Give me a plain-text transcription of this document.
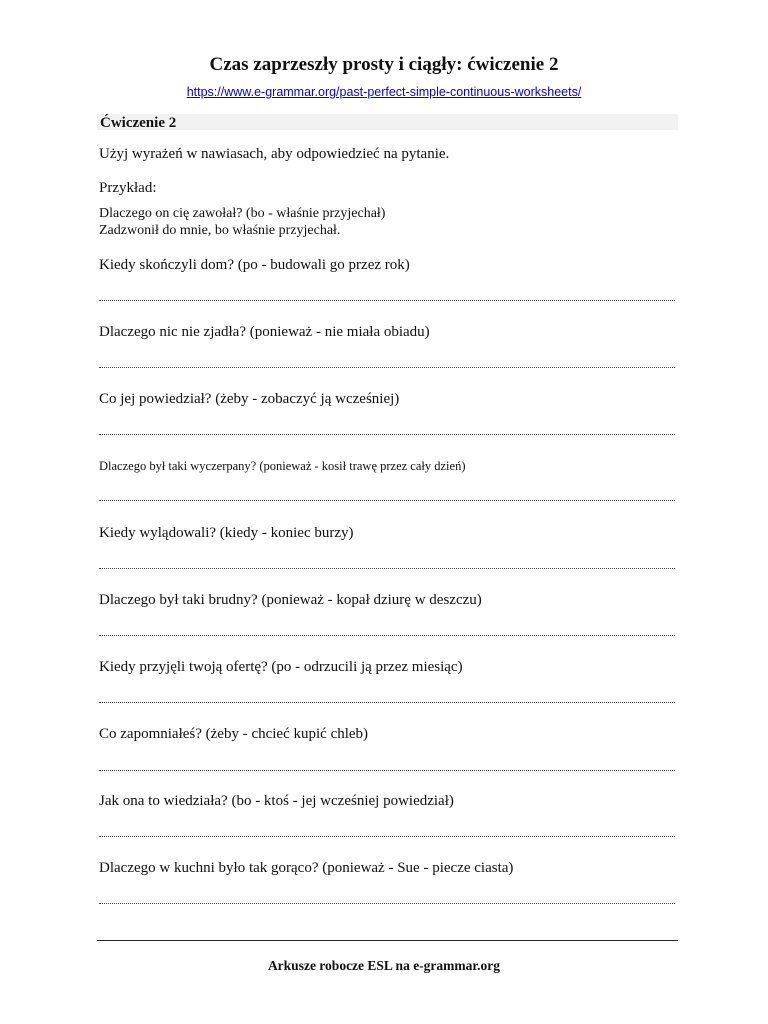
Czas zaprzeszły prosty i ciągły: ćwiczenie 2
https://www.e-grammar.org/past-perfect-simple-continuous-worksheets/
Ćwiczenie 2
Użyj wyrażeń w nawiasach, aby odpowiedzieć na pytanie.
Przykład:
Dlaczego on cię zawołał? (bo - właśnie przyjechał)
Zadzwonił do mnie, bo właśnie przyjechał.
Kiedy skończyli dom? (po - budowali go przez rok)
Dlaczego nic nie zjadła? (ponieważ - nie miała obiadu)
Co jej powiedział? (żeby - zobaczyć ją wcześniej)
Dlaczego był taki wyczerpany? (ponieważ - kosił trawę przez cały dzień)
Kiedy wylądowali? (kiedy - koniec burzy)
Dlaczego był taki brudny? (ponieważ - kopał dziurę w deszczu)
Kiedy przyjęli twoją ofertę? (po - odrzucili ją przez miesiąc)
Co zapomniałeś? (żeby - chcieć kupić chleb)
Jak ona to wiedziała? (bo - ktoś - jej wcześniej powiedział)
Dlaczego w kuchni było tak gorąco? (ponieważ - Sue - piecze ciasta)
Arkusze robocze ESL na e-grammar.org
